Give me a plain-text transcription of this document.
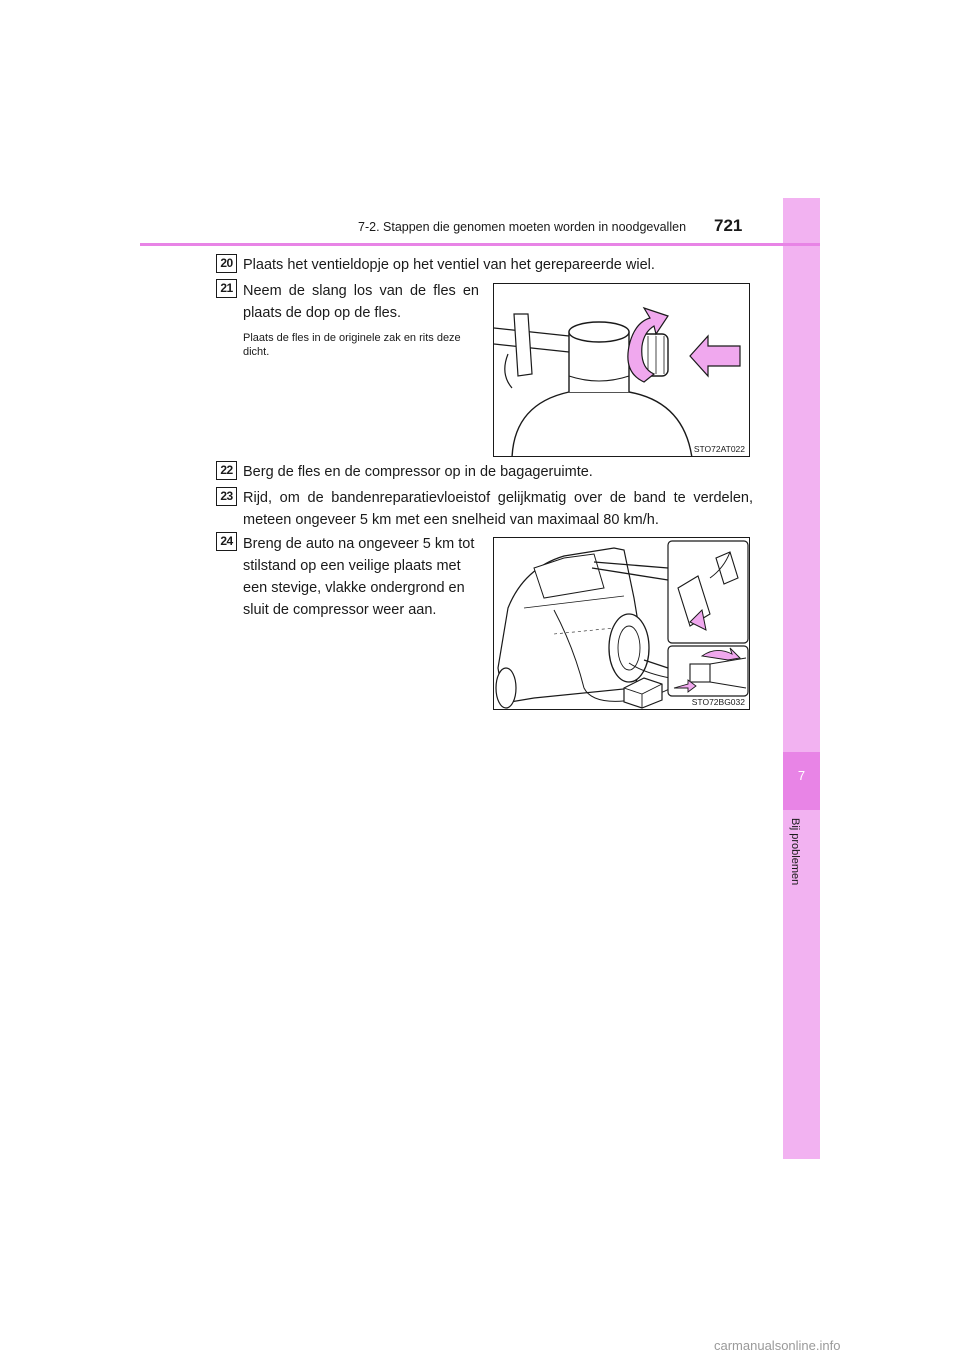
7
Bij problemen
7-2. Stappen die genomen moeten worden in noodgevallen 721
20 Plaats het ventieldopje op het ventiel van het gerepareerde wiel.
21 Neem de slang los van de fles en plaats de dop op de fles.
Plaats de fles in de originele zak en rits deze dicht.
STO72AT022
22 Berg de fles en de compressor op in de bagageruimte.
23 Rijd, om de bandenreparatievloeistof gelijkmatig over de band te verdelen, meteen ongeveer 5 km met een snelheid van maximaal 80 km/h.
24 Breng de auto na ongeveer 5 km tot stilstand op een veilige plaats met een stevige, vlakke ondergrond en sluit de compressor weer aan.
STO72BG032
carmanualsonline.info
